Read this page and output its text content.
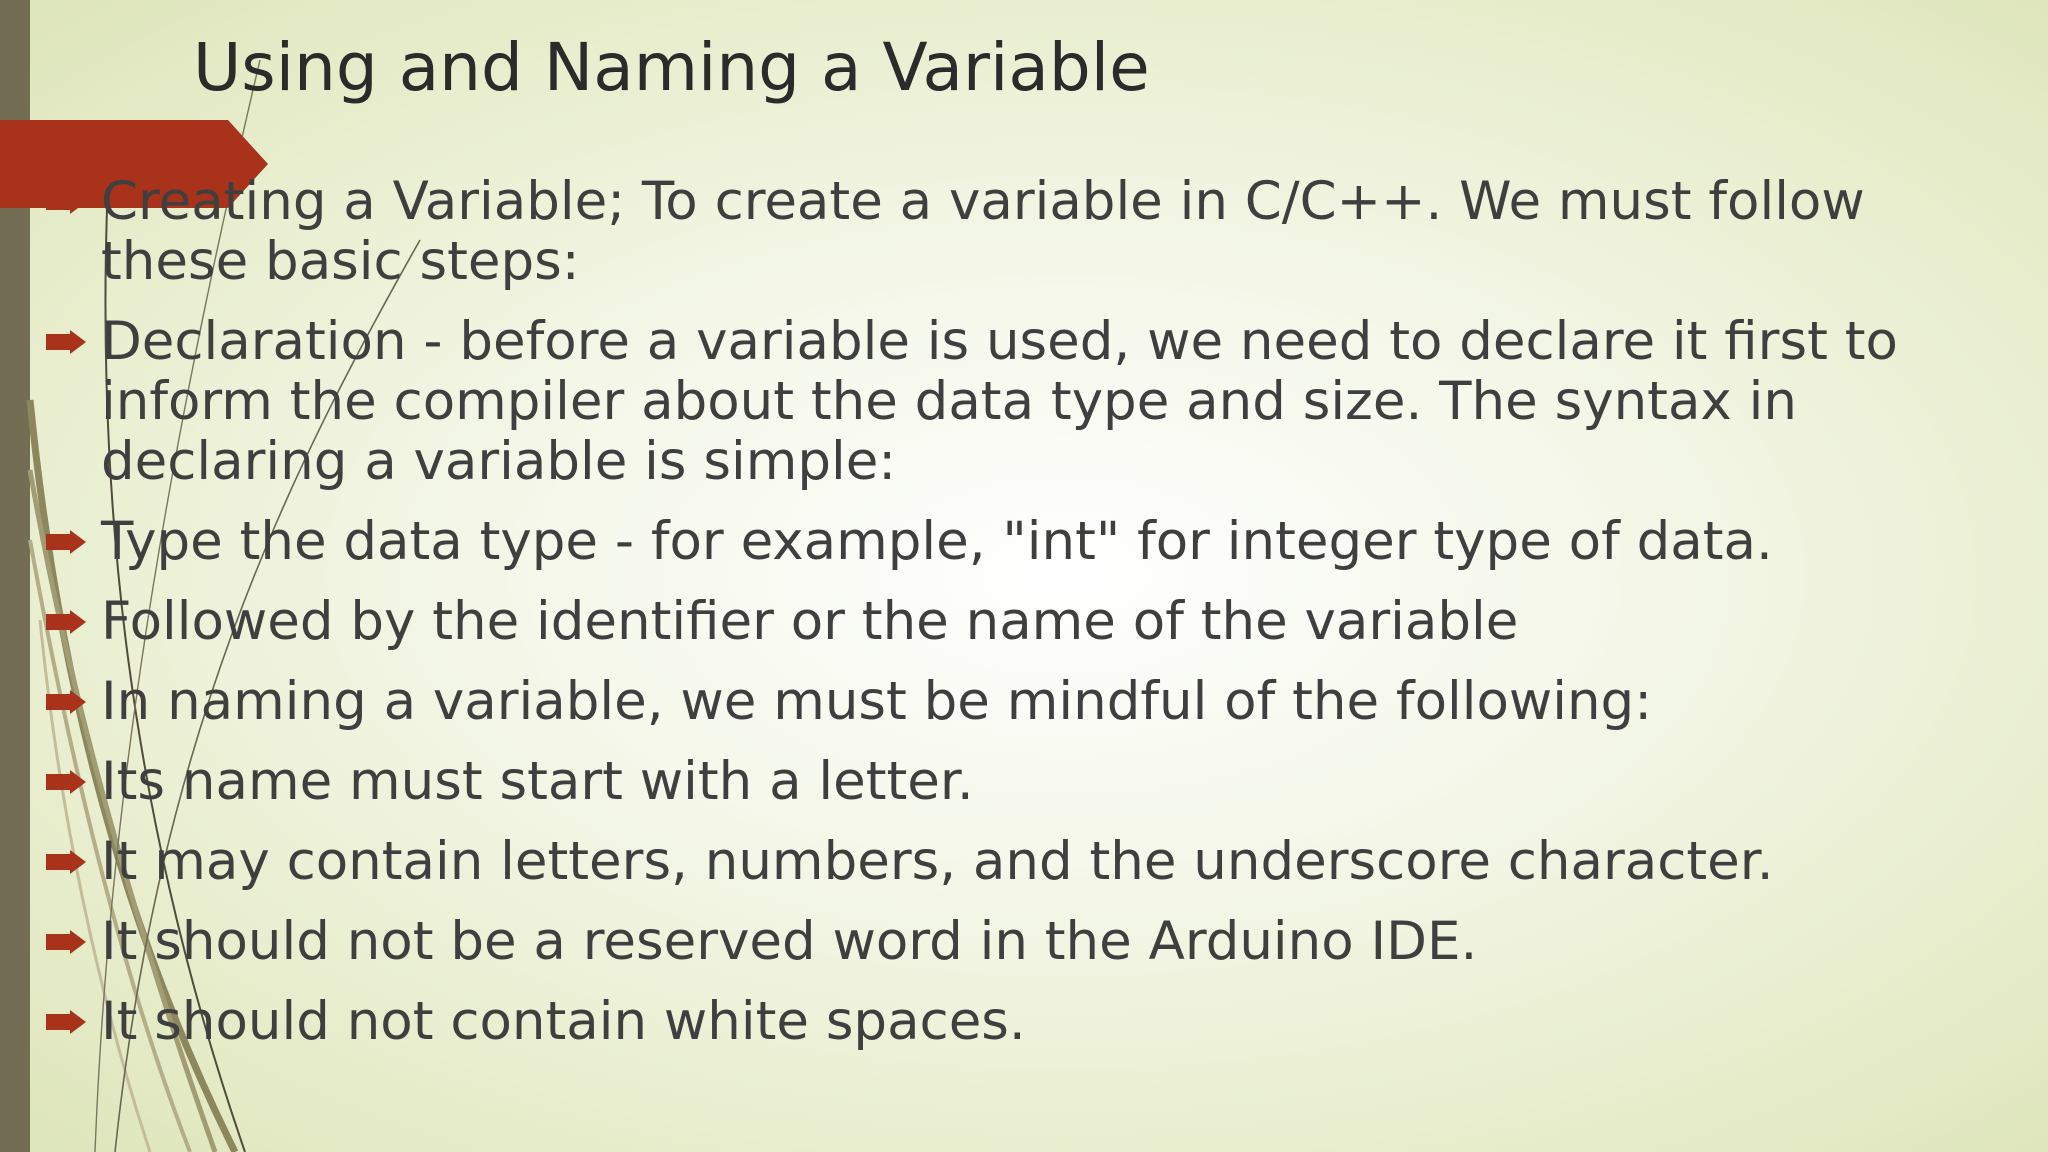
Using and Naming a Variable
Creating a Variable; To create a variable in C/C++. We must follow these basic steps:
Declaration - before a variable is used, we need to declare it first to inform the compiler about the data type and size. The syntax in declaring a variable is simple:
Type the data type - for example, "int" for integer type of data.
Followed by the identifier or the name of the variable
In naming a variable, we must be mindful of the following:
Its name must start with a letter.
It may contain letters, numbers, and the underscore character.
It should not be a reserved word in the Arduino IDE.
It should not contain white spaces.
